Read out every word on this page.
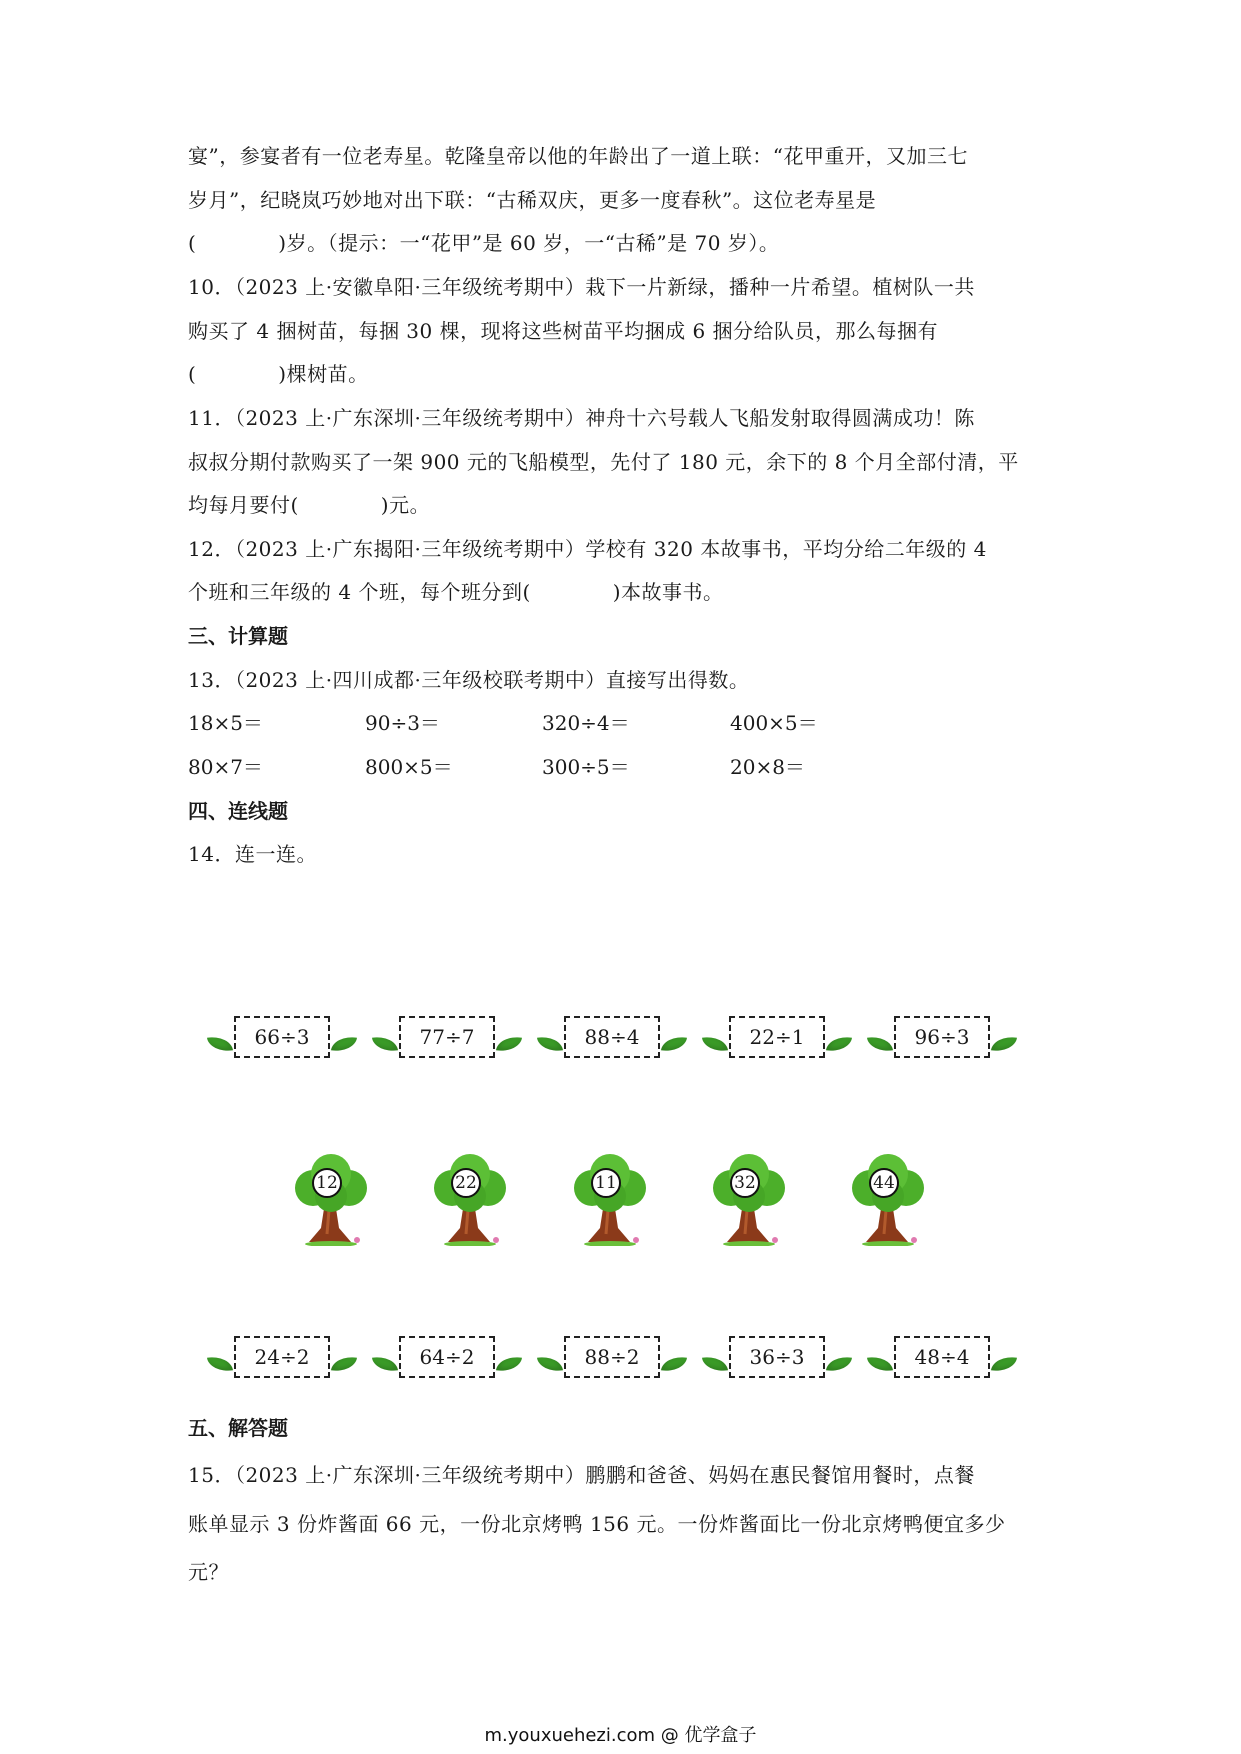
宴”，参宴者有一位老寿星。乾隆皇帝以他的年龄出了一道上联：“花甲重开，又加三七
岁月”，纪晓岚巧妙地对出下联：“古稀双庆，更多一度春秋”。这位老寿星是
(　　　　)岁。（提示：一“花甲”是 60 岁，一“古稀”是 70 岁）。
10．（2023 上·安徽阜阳·三年级统考期中）栽下一片新绿，播种一片希望。植树队一共
购买了 4 捆树苗，每捆 30 棵，现将这些树苗平均捆成 6 捆分给队员，那么每捆有
(　　　　)棵树苗。
11．（2023 上·广东深圳·三年级统考期中）神舟十六号载人飞船发射取得圆满成功！陈
叔叔分期付款购买了一架 900 元的飞船模型，先付了 180 元，余下的 8 个月全部付清，平
均每月要付(　　　　)元。
12．（2023 上·广东揭阳·三年级统考期中）学校有 320 本故事书，平均分给二年级的 4
个班和三年级的 4 个班，每个班分到(　　　　)本故事书。
三、计算题
13．（2023 上·四川成都·三年级校联考期中）直接写出得数。
18×5＝	90÷3＝	320÷4＝	400×5＝
80×7＝	800×5＝	300÷5＝	20×8＝
四、连线题
14．连一连。
66÷3	77÷7	88÷4	22÷1	96÷3
12	22	11	32	44
24÷2	64÷2	88÷2	36÷3	48÷4
五、解答题
15．（2023 上·广东深圳·三年级统考期中）鹏鹏和爸爸、妈妈在惠民餐馆用餐时，点餐
账单显示 3 份炸酱面 66 元，一份北京烤鸭 156 元。一份炸酱面比一份北京烤鸭便宜多少
元？
m.youxuehezi.com @ 优学盒子
